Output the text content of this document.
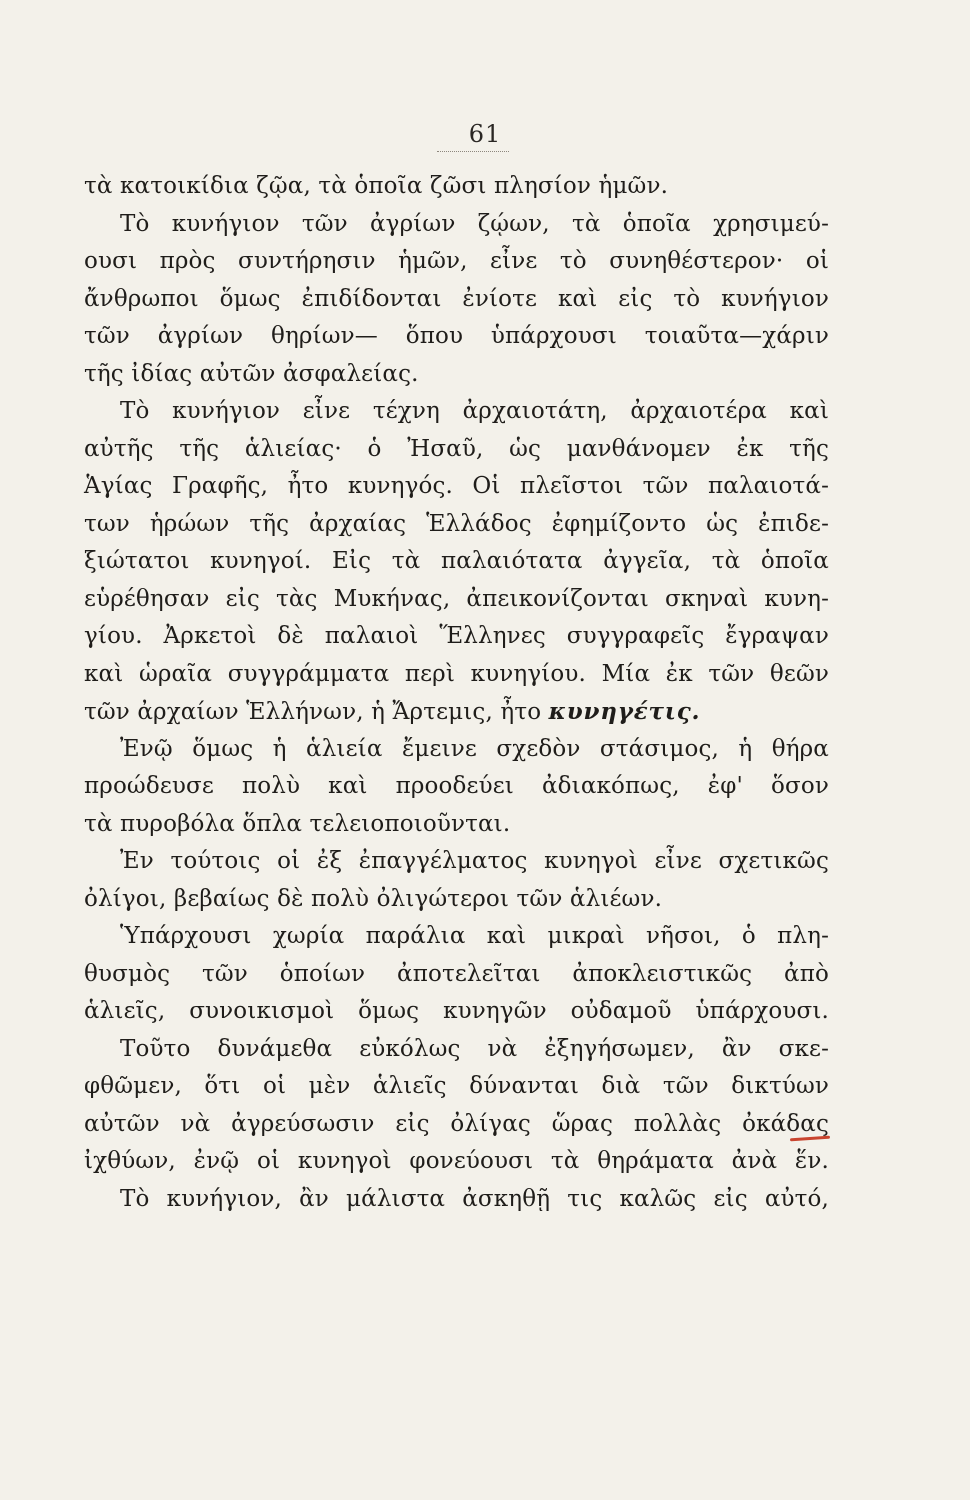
61
τὰ κατοικίδια ζῷα, τὰ ὁποῖα ζῶσι πλησίον ἡμῶν.
Τὸ κυνήγιον τῶν ἀγρίων ζῴων, τὰ ὁποῖα χρησιμεύ-
ουσι πρὸς συντήρησιν ἡμῶν, εἶνε τὸ συνηθέστερον· οἱ
ἄνθρωποι ὅμως ἐπιδίδονται ἐνίοτε καὶ εἰς τὸ κυνήγιον
τῶν ἀγρίων θηρίων— ὅπου ὑπάρχουσι τοιαῦτα—χάριν
τῆς ἰδίας αὐτῶν ἀσφαλείας.
Τὸ κυνήγιον εἶνε τέχνη ἀρχαιοτάτη, ἀρχαιοτέρα καὶ
αὐτῆς τῆς ἁλιείας· ὁ Ἠσαῦ, ὡς μανθάνομεν ἐκ τῆς
Ἁγίας Γραφῆς, ἦτο κυνηγός. Οἱ πλεῖστοι τῶν παλαιοτά-
των ἡρώων τῆς ἀρχαίας Ἑλλάδος ἐφημίζοντο ὡς ἐπιδε-
ξιώτατοι κυνηγοί. Εἰς τὰ παλαιότατα ἀγγεῖα, τὰ ὁποῖα
εὑρέθησαν εἰς τὰς Μυκήνας, ἀπεικονίζονται σκηναὶ κυνη-
γίου. Ἀρκετοὶ δὲ παλαιοὶ Ἕλληνες συγγραφεῖς ἔγραψαν
καὶ ὡραῖα συγγράμματα περὶ κυνηγίου. Μία ἐκ τῶν θεῶν
τῶν ἀρχαίων Ἑλλήνων, ἡ Ἄρτεμις, ἦτο κυνηγέτις.
Ἐνῷ ὅμως ἡ ἁλιεία ἔμεινε σχεδὸν στάσιμος, ἡ θήρα
προώδευσε πολὺ καὶ προοδεύει ἀδιακόπως, ἐφ' ὅσον
τὰ πυροβόλα ὅπλα τελειοποιοῦνται.
Ἐν τούτοις οἱ ἐξ ἐπαγγέλματος κυνηγοὶ εἶνε σχετικῶς
ὀλίγοι, βεβαίως δὲ πολὺ ὀλιγώτεροι τῶν ἁλιέων.
Ὑπάρχουσι χωρία παράλια καὶ μικραὶ νῆσοι, ὁ πλη-
θυσμὸς τῶν ὁποίων ἀποτελεῖται ἀποκλειστικῶς ἀπὸ
ἁλιεῖς, συνοικισμοὶ ὅμως κυνηγῶν οὐδαμοῦ ὑπάρχουσι.
Τοῦτο δυνάμεθα εὐκόλως νὰ ἐξηγήσωμεν, ἂν σκε-
φθῶμεν, ὅτι οἱ μὲν ἁλιεῖς δύνανται διὰ τῶν δικτύων
αὐτῶν νὰ ἀγρεύσωσιν εἰς ὀλίγας ὥρας πολλὰς ὀκάδας
ἰχθύων, ἐνῷ οἱ κυνηγοὶ φονεύουσι τὰ θηράματα ἀνὰ ἕν.
Τὸ κυνήγιον, ἂν μάλιστα ἀσκηθῇ τις καλῶς εἰς αὐτό,
